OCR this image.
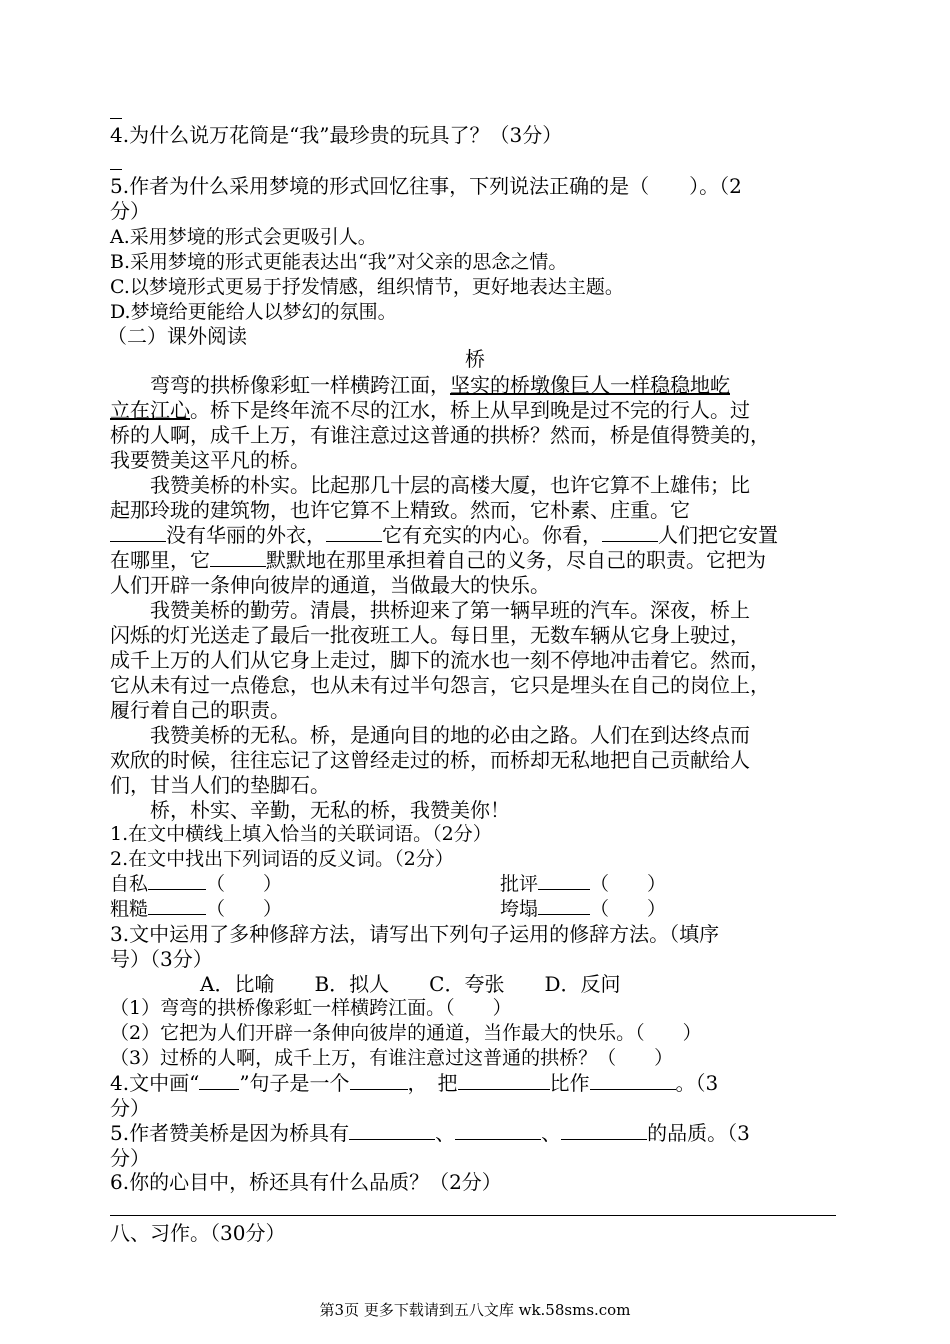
4.为什么说万花筒是“我”最珍贵的玩具了？（3分）
5.作者为什么采用梦境的形式回忆往事，下列说法正确的是（　　）。（2
分）
A.采用梦境的形式会更吸引人。
B.采用梦境的形式更能表达出“我”对父亲的思念之情。
C.以梦境形式更易于抒发情感，组织情节，更好地表达主题。
D.梦境给更能给人以梦幻的氛围。
（二）课外阅读
桥
　　弯弯的拱桥像彩虹一样横跨江面，坚实的桥墩像巨人一样稳稳地屹
立在江心。桥下是终年流不尽的江水，桥上从早到晚是过不完的行人。过
桥的人啊，成千上万，有谁注意过这普通的拱桥？然而，桥是值得赞美的，
我要赞美这平凡的桥。
　　我赞美桥的朴实。比起那几十层的高楼大厦，也许它算不上雄伟；比
起那玲珑的建筑物，也许它算不上精致。然而，它朴素、庄重。它
没有华丽的外衣，	它有充实的内心。你看，	人们把它安置
在哪里，它	默默地在那里承担着自己的义务，尽自己的职责。它把为
人们开辟一条伸向彼岸的通道，当做最大的快乐。
　　我赞美桥的勤劳。清晨，拱桥迎来了第一辆早班的汽车。深夜，桥上
闪烁的灯光送走了最后一批夜班工人。每日里，无数车辆从它身上驶过，
成千上万的人们从它身上走过，脚下的流水也一刻不停地冲击着它。然而，
它从未有过一点倦怠，也从未有过半句怨言，它只是埋头在自己的岗位上，
履行着自己的职责。
　　我赞美桥的无私。桥，是通向目的地的必由之路。人们在到达终点而
欢欣的时候，往往忘记了这曾经走过的桥，而桥却无私地把自己贡献给人
们，甘当人们的垫脚石。
　　桥，朴实、辛勤，无私的桥，我赞美你！
1.在文中横线上填入恰当的关联词语。（2分）
2.在文中找出下列词语的反义词。（2分）
自私	（　　）	批评	（　　）
粗糙	（　　）	垮塌	（　　）
3.文中运用了多种修辞方法，请写出下列句子运用的修辞方法。（填序
号）（3分）
A．比喻　　B．拟人　　C．夸张　　D．反问
（1）弯弯的拱桥像彩虹一样横跨江面。（　　）
（2）它把为人们开辟一条伸向彼岸的通道，当作最大的快乐。（　　）
（3）过桥的人啊，成千上万，有谁注意过这普通的拱桥？（　　）
4.文中画“ ”句子是一个	，　把	比作	。（3
分）
5.作者赞美桥是因为桥具有	、	、	的品质。（3
分）
6.你的心目中，桥还具有什么品质？（2分）
八、习作。（30分）
第3页 更多下载请到五八文库 wk.58sms.com
